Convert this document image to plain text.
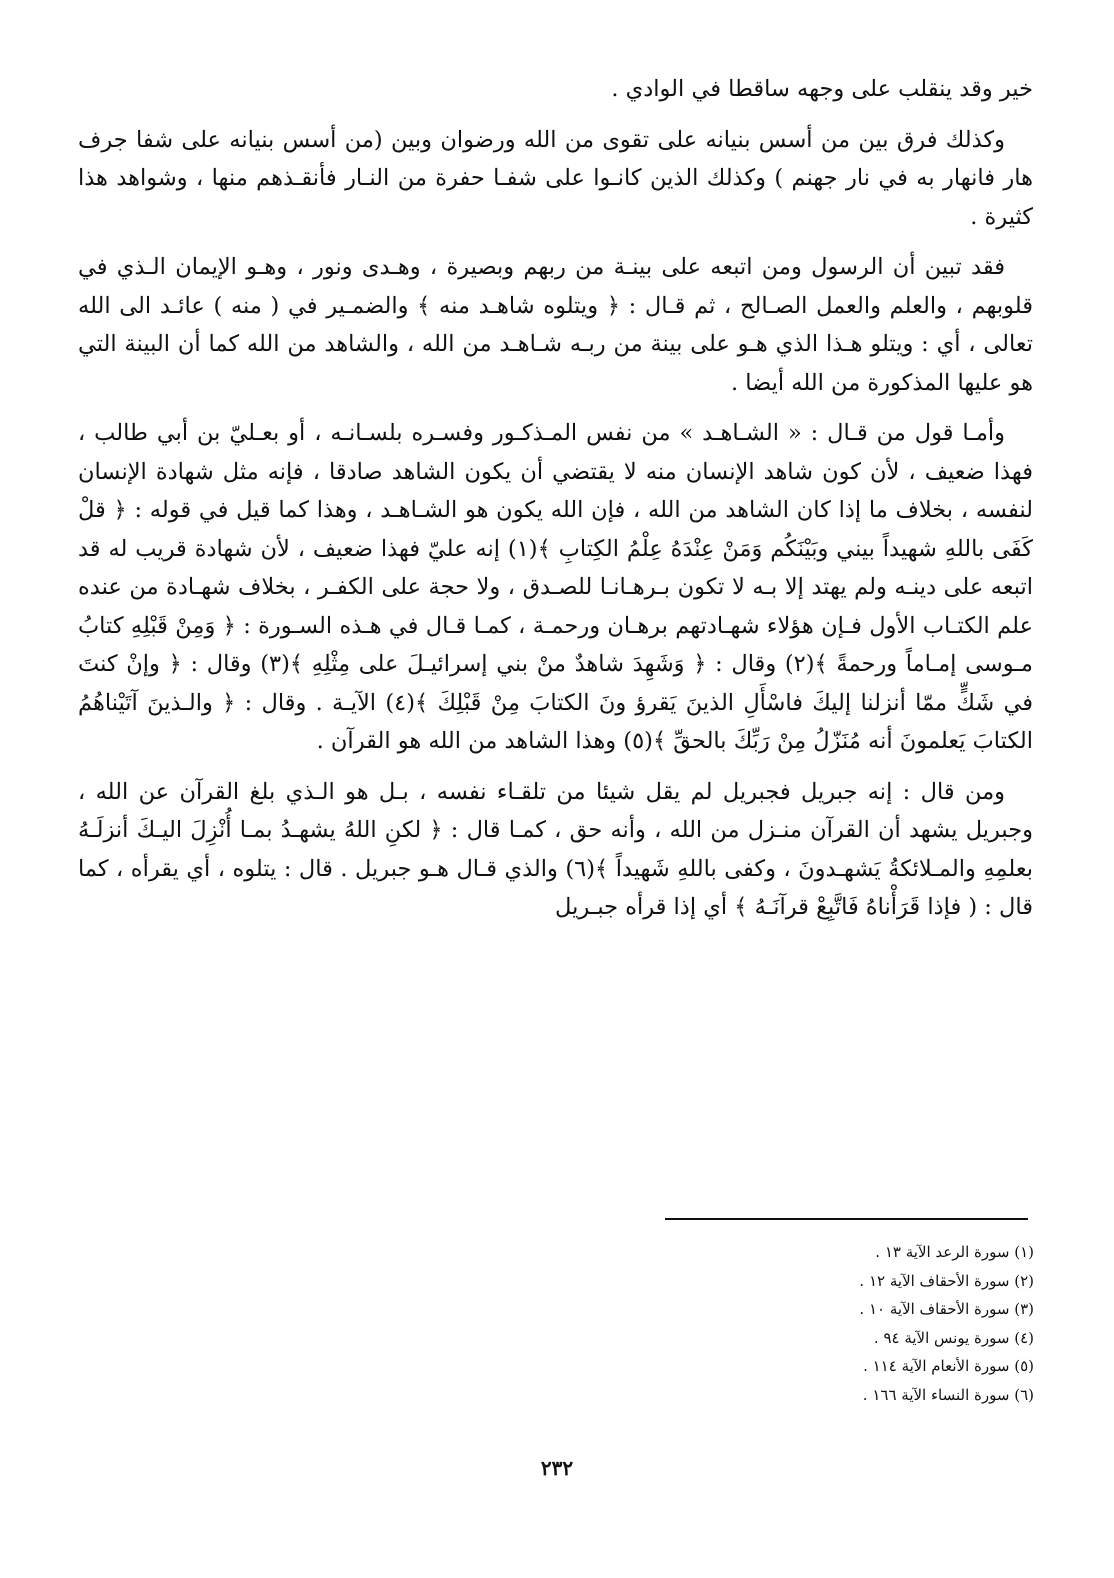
خير وقد ينقلب على وجهه ساقطا في الوادي .

وكذلك فرق بين من أسس بنيانه على تقوى من الله ورضوان وبين (من أسس بنيانه على شفا جرف هار فانهار به في نار جهنم ) وكذلك الذين كانـوا على شفـا حفرة من النـار فأنقـذهم منها ، وشواهد هذا كثيرة .

فقد تبين أن الرسول ومن اتبعه على بينـة من ربهم وبصيرة ، وهـدى ونور ، وهـو الإيمان الـذي في قلوبهم ، والعلم والعمل الصـالح ، ثم قـال : ﴿ ويتلوه شاهـد منه ﴾ والضمـير في ( منه ) عائـد الى الله تعالى ، أي : ويتلو هـذا الذي هـو على بينة من ربـه شـاهـد من الله ، والشاهد من الله كما أن البينة التي هو عليها المذكورة من الله أيضا .

وأمـا قول من قـال : « الشـاهـد » من نفس المـذكـور وفسـره بلسـانـه ، أو بعـليّ بن أبي طالب ، فهذا ضعيف ، لأن كون شاهد الإنسان منه لا يقتضي أن يكون الشاهد صادقا ، فإنه مثل شهادة الإنسان لنفسه ، بخلاف ما إذا كان الشاهد من الله ، فإن الله يكون هو الشـاهـد ، وهذا كما قيل في قوله : ﴿ قلْ كَفَى باللهِ شهيداً بيني وبَيْنَكُم وَمَنْ عِنْدَهُ عِلْمُ الكِتابِ ﴾(١) إنه عليّ فهذا ضعيف ، لأن شهادة قريب له قد اتبعه على دينـه ولم يهتد إلا بـه لا تكون بـرهـانـا للصـدق ، ولا حجة على الكفـر ، بخلاف شهـادة من عنده علم الكتـاب الأول فـإن هؤلاء شهـادتهم برهـان ورحمـة ، كمـا قـال في هـذه السـورة : ﴿ وَمِنْ قَبْلِهِ كتابُ مـوسى إمـاماً ورحمةً ﴾(٢) وقال : ﴿ وَشَهِدَ شاهدٌ منْ بني إسرائيـلَ على مِثْلِهِ ﴾(٣) وقال : ﴿ وإنْ كنتَ في شَكٍّ ممّا أنزلنا إليكَ فاسْأَلِ الذينَ يَقرؤ ونَ الكتابَ مِنْ قَبْلِكَ ﴾(٤) الآيـة . وقال : ﴿ والـذينَ آتَيْناهُمُ الكتابَ يَعلمونَ أنه مُنَزّلُ مِنْ رَبِّكَ بالحقِّ ﴾(٥) وهذا الشاهد من الله هو القرآن .

ومن قال : إنه جبريل فجبريل لم يقل شيئا من تلقـاء نفسه ، بـل هو الـذي بلغ القرآن عن الله ، وجبريل يشهد أن القرآن منـزل من الله ، وأنه حق ، كمـا قال : ﴿ لكنِ اللهُ يشهـدُ بمـا أُنْزِلَ اليـكَ أنزلَـهُ بعلمِهِ والمـلائكةُ يَشهـدونَ ، وكفى باللهِ شَهيداً ﴾(٦) والذي قـال هـو جبريل . قال : يتلوه ، أي يقرأه ، كما قال : ( فإذا قَرَأْناهُ فَاتَّبِعْ قرآنَـهُ ﴾ أي إذا قرأه جبـريل

(١) سورة الرعد الآية ١٣ .
(٢) سورة الأحقاف الآية ١٢ .
(٣) سورة الأحقاف الآية ١٠ .
(٤) سورة يونس الآية ٩٤ .
(٥) سورة الأنعام الآية ١١٤ .
(٦) سورة النساء الآية ١٦٦ .
٢٣٢
